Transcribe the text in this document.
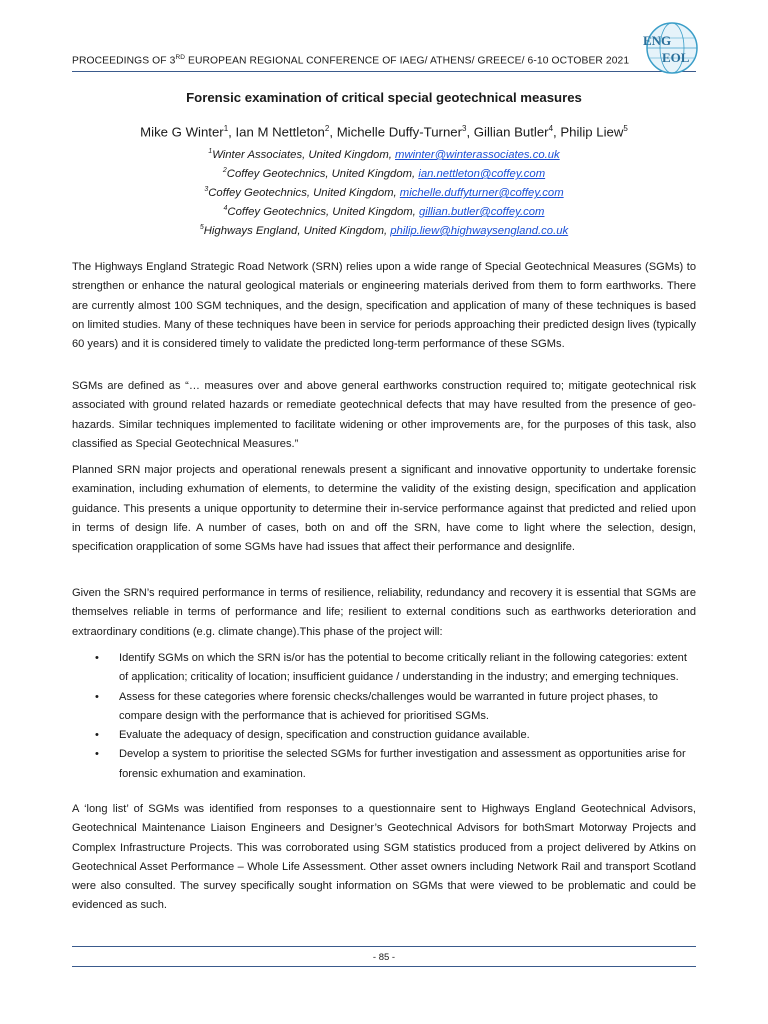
PROCEEDINGS OF 3RD EUROPEAN REGIONAL CONFERENCE OF IAEG/ ATHENS/ GREECE/ 6-10 OCTOBER 2021
ENG
EOL
Forensic examination of critical special geotechnical measures
Mike G Winter$^1$, Ian M Nettleton$^2$, Michelle Duffy-Turner$^3$, Gillian Butler$^4$, Philip Liew$^5$
$^1$Winter Associates, United Kingdom, mwinter@winterassociates.co.uk
$^2$Coffey Geotechnics, United Kingdom, ian.nettleton@coffey.com
$^3$Coffey Geotechnics, United Kingdom, michelle.duffyturner@coffey.com
$^4$Coffey Geotechnics, United Kingdom, gillian.butler@coffey.com
$^5$Highways England, United Kingdom, philip.liew@highwaysengland.co.uk

The Highways England Strategic Road Network (SRN) relies upon a wide range of Special Geotechnical Measures (SGMs) to strengthen or enhance the natural geological materials or engineering materials derived from them to form earthworks. There are currently almost 100 SGM techniques, and the design, specification and application of many of these techniques is based on limited studies. Many of these techniques have been in service for periods approaching their predicted design lives (typically 60 years) and it is considered timely to validate the predicted long-term performance of these SGMs.

SGMs are defined as “… measures over and above general earthworks construction required to; mitigate geotechnical risk associated with ground related hazards or remediate geotechnical defects that may have resulted from the presence of geo-hazards. Similar techniques implemented to facilitate widening or other improvements are, for the purposes of this task, also classified as Special Geotechnical Measures.”

Planned SRN major projects and operational renewals present a significant and innovative opportunity to undertake forensic examination, including exhumation of elements, to determine the validity of the existing design, specification and application guidance. This presents a unique opportunity to determine their in-service performance against that predicted and relied upon in terms of design life. A number of cases, both on and off the SRN, have come to light where the selection, design, specification orapplication of some SGMs have had issues that affect their performance and designlife.

Given the SRN’s required performance in terms of resilience, reliability, redundancy and recovery it is essential that SGMs are themselves reliable in terms of performance and life; resilient to external conditions such as earthworks deterioration and extraordinary conditions (e.g. climate change).This phase of the project will:

• Identify SGMs on which the SRN is/or has the potential to become critically reliant in the following categories: extent of application; criticality of location; insufficient guidance / understanding in the industry; and emerging techniques.
• Assess for these categories where forensic checks/challenges would be warranted in future project phases, to compare design with the performance that is achieved for prioritised SGMs.
• Evaluate the adequacy of design, specification and construction guidance available.
• Develop a system to prioritise the selected SGMs for further investigation and assessment as opportunities arise for forensic exhumation and examination.

A ‘long list’ of SGMs was identified from responses to a questionnaire sent to Highways England Geotechnical Advisors, Geotechnical Maintenance Liaison Engineers and Designer’s Geotechnical Advisors for bothSmart Motorway Projects and Complex Infrastructure Projects. This was corroborated using SGM statistics produced from a project delivered by Atkins on Geotechnical Asset Performance – Whole Life Assessment. Other asset owners including Network Rail and transport Scotland were also consulted. The survey specifically sought information on SGMs that were viewed to be problematic and could be evidenced as such.

- 85 -
